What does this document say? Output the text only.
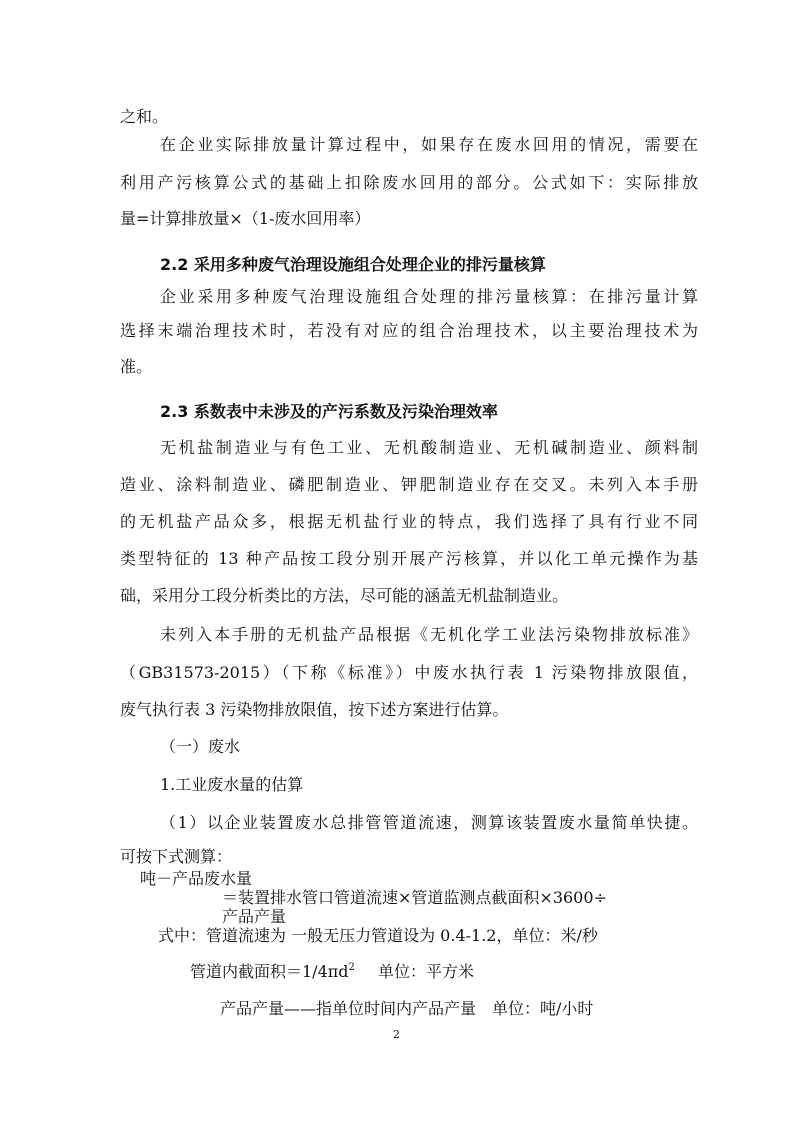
之和。
在企业实际排放量计算过程中，如果存在废水回用的情况，需要在
利用产污核算公式的基础上扣除废水回用的部分。公式如下：实际排放
量=计算排放量×（1-废水回用率）
2.2 采用多种废气治理设施组合处理企业的排污量核算
企业采用多种废气治理设施组合处理的排污量核算：在排污量计算
选择末端治理技术时，若没有对应的组合治理技术，以主要治理技术为
准。
2.3 系数表中未涉及的产污系数及污染治理效率
无机盐制造业与有色工业、无机酸制造业、无机碱制造业、颜料制
造业、涂料制造业、磷肥制造业、钾肥制造业存在交叉。未列入本手册
的无机盐产品众多，根据无机盐行业的特点，我们选择了具有行业不同
类型特征的 13 种产品按工段分别开展产污核算，并以化工单元操作为基
础，采用分工段分析类比的方法，尽可能的涵盖无机盐制造业。
未列入本手册的无机盐产品根据《无机化学工业法污染物排放标准》
（GB31573-2015）（下称《标准》）中废水执行表 1 污染物排放限值，
废气执行表 3 污染物排放限值，按下述方案进行估算。
（一）废水
1.工业废水量的估算
（1）以企业装置废水总排管管道流速，测算该装置废水量简单快捷。
可按下式测算：
吨－产品废水量
＝装置排水管口管道流速×管道监测点截面积×3600÷
产品产量
式中：管道流速为 一般无压力管道设为 0.4-1.2，单位：米/秒
管道内截面积$=1/4\pi d^2$ 单位：平方米
产品产量——指单位时间内产品产量　单位：吨/小时
2
